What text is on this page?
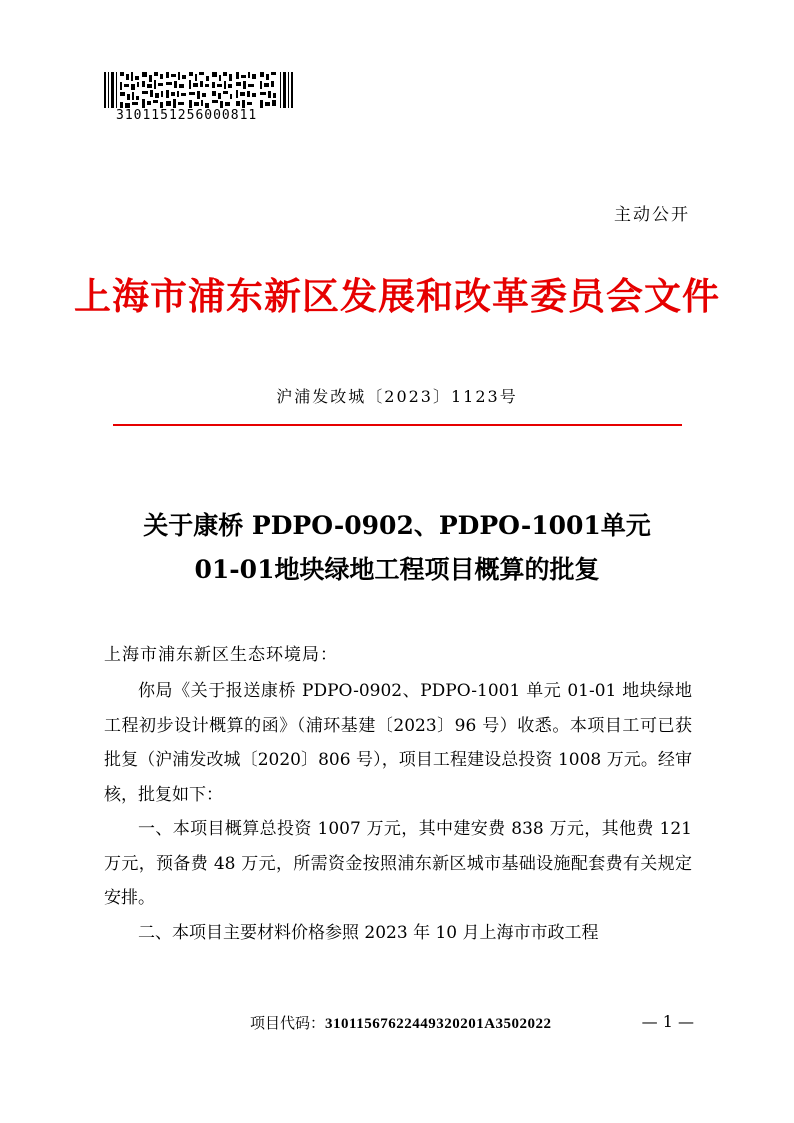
3101151256000811
主动公开
上海市浦东新区发展和改革委员会文件
沪浦发改城〔2023〕1123号
关于康桥 PDPO-0902、PDPO-1001单元
01-01地块绿地工程项目概算的批复
上海市浦东新区生态环境局：

你局《关于报送康桥 PDPO-0902、PDPO-1001 单元 01-01 地块绿地工程初步设计概算的函》（浦环基建〔2023〕96 号）收悉。本项目工可已获批复（沪浦发改城〔2020〕806 号），项目工程建设总投资 1008 万元。经审核，批复如下：

一、本项目概算总投资 1007 万元，其中建安费 838 万元，其他费 121 万元，预备费 48 万元，所需资金按照浦东新区城市基础设施配套费有关规定安排。

二、本项目主要材料价格参照 2023 年 10 月上海市市政工程

项目代码：31011567622449320201A3502022	— 1 —
